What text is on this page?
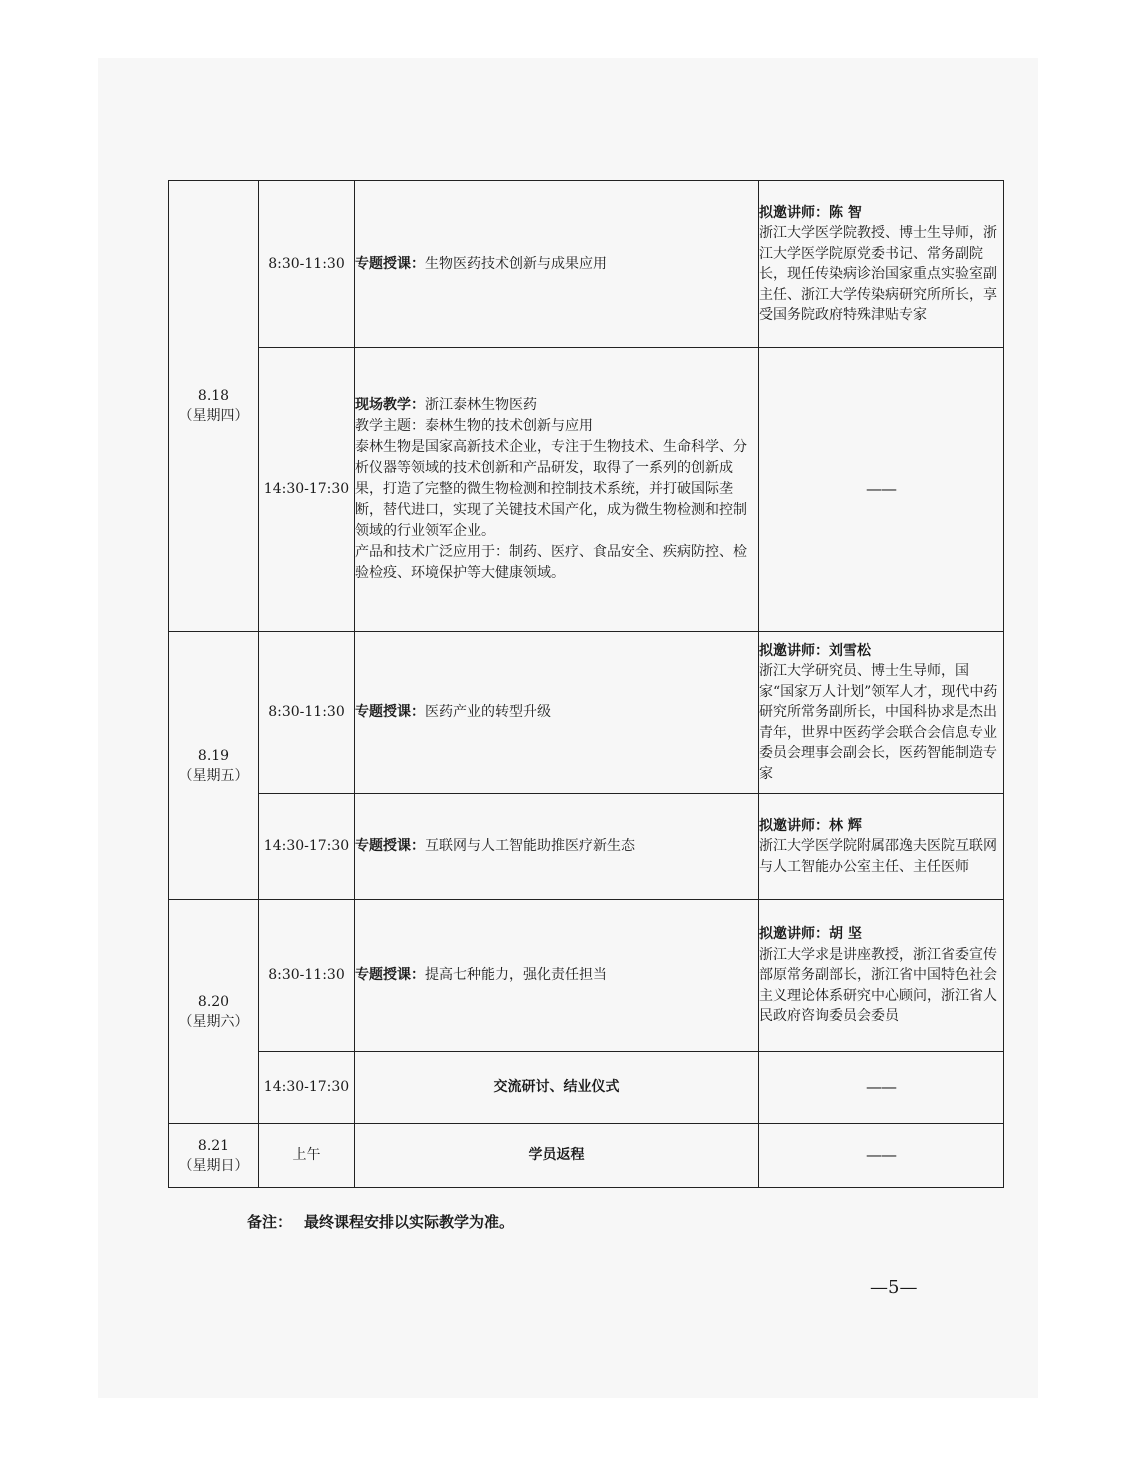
8.18
（星期四）	8:30-11:30	专题授课：生物医药技术创新与成果应用	拟邀讲师：陈 智
浙江大学医学院教授、博士生导师，浙江大学医学院原党委书记、常务副院长，现任传染病诊治国家重点实验室副主任、浙江大学传染病研究所所长，享受国务院政府特殊津贴专家

	14:30-17:30	现场教学：浙江泰林生物医药
教学主题：泰林生物的技术创新与应用
泰林生物是国家高新技术企业，专注于生物技术、生命科学、分析仪器等领域的技术创新和产品研发，取得了一系列的创新成果，打造了完整的微生物检测和控制技术系统，并打破国际垄断，替代进口，实现了关键技术国产化，成为微生物检测和控制领域的行业领军企业。
产品和技术广泛应用于：制药、医疗、食品安全、疾病防控、检验检疫、环境保护等大健康领域。	——

8.19
（星期五）	8:30-11:30	专题授课：医药产业的转型升级	拟邀讲师：刘雪松
浙江大学研究员、博士生导师，国家“国家万人计划”领军人才，现代中药研究所常务副所长，中国科协求是杰出青年，世界中医药学会联合会信息专业委员会理事会副会长，医药智能制造专家

	14:30-17:30	专题授课：互联网与人工智能助推医疗新生态	拟邀讲师：林 辉
浙江大学医学院附属邵逸夫医院互联网与人工智能办公室主任、主任医师

8.20
（星期六）	8:30-11:30	专题授课：提高七种能力，强化责任担当	拟邀讲师：胡 坚
浙江大学求是讲座教授，浙江省委宣传部原常务副部长，浙江省中国特色社会主义理论体系研究中心顾问，浙江省人民政府咨询委员会委员

	14:30-17:30	交流研讨、结业仪式	——

8.21
（星期日）	上午	学员返程	——
备注： 最终课程安排以实际教学为准。
—5—
